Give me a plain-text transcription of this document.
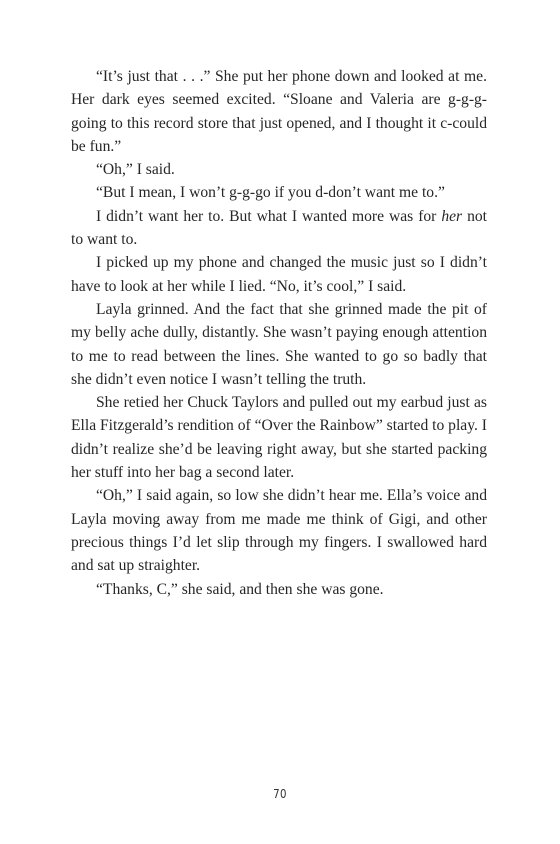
“It’s just that . . .” She put her phone down and looked at me. Her dark eyes seemed excited. “Sloane and Valeria are g-g-g-going to this record store that just opened, and I thought it c-could be fun.”

“Oh,” I said.

“But I mean, I won’t g-g-go if you d-don’t want me to.”

I didn’t want her to. But what I wanted more was for her not to want to.

I picked up my phone and changed the music just so I didn’t have to look at her while I lied. “No, it’s cool,” I said.

Layla grinned. And the fact that she grinned made the pit of my belly ache dully, distantly. She wasn’t paying enough attention to me to read between the lines. She wanted to go so badly that she didn’t even notice I wasn’t telling the truth.

She retied her Chuck Taylors and pulled out my earbud just as Ella Fitzgerald’s rendition of “Over the Rainbow” started to play. I didn’t realize she’d be leaving right away, but she started packing her stuff into her bag a second later.

“Oh,” I said again, so low she didn’t hear me. Ella’s voice and Layla moving away from me made me think of Gigi, and other precious things I’d let slip through my fingers. I swallowed hard and sat up straighter.

“Thanks, C,” she said, and then she was gone.

70
